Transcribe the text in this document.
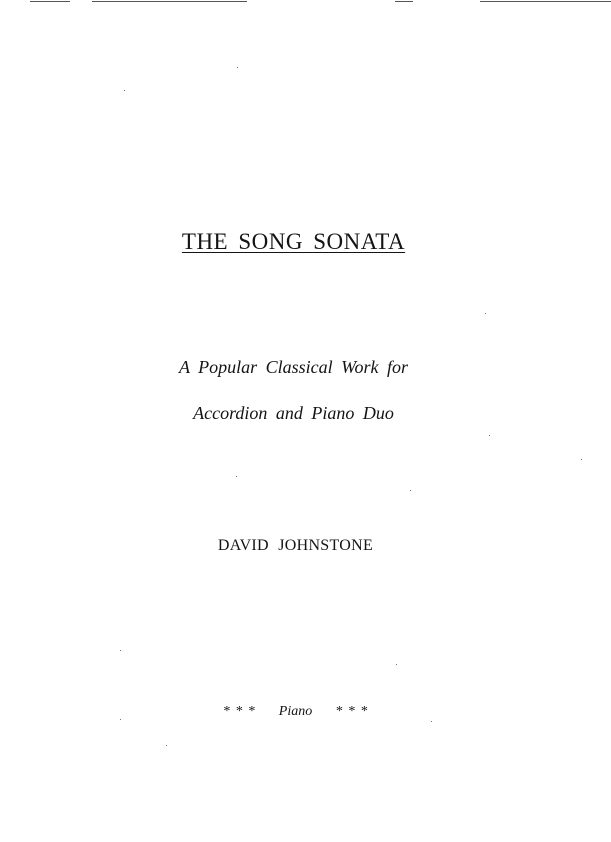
THE SONG SONATA
A Popular Classical Work for
Accordion and Piano Duo
DAVID JOHNSTONE
* * * Piano * * *
